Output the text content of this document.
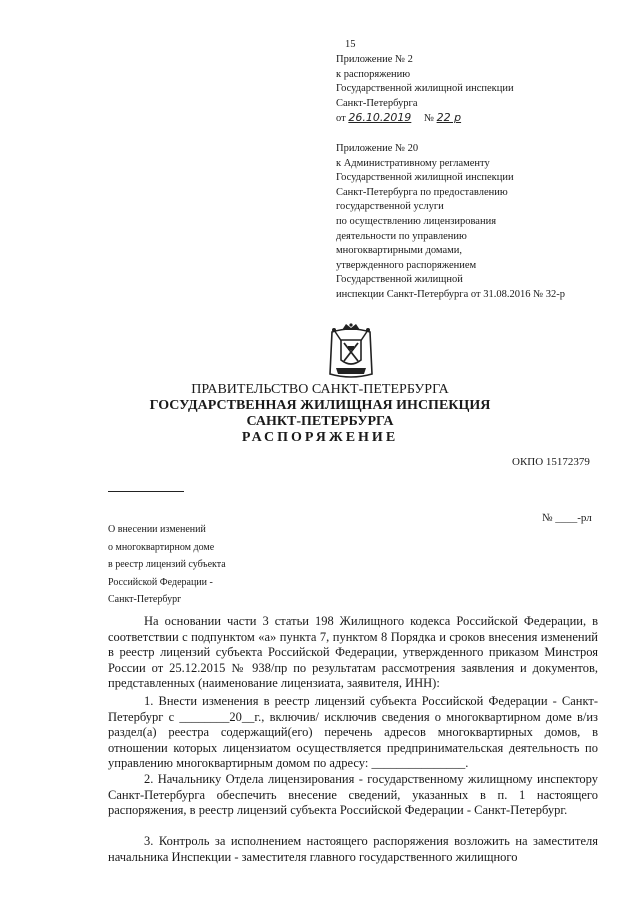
15
Приложение № 2
к распоряжению
Государственной жилищной инспекции
Санкт-Петербурга
от 26.10.2019 № 22 р
Приложение № 20
к Административному регламенту
Государственной жилищной инспекции
Санкт-Петербурга по предоставлению
государственной услуги
по осуществлению лицензирования
деятельности по управлению
многоквартирными домами,
утвержденного распоряжением
Государственной жилищной
инспекции Санкт-Петербурга от 31.08.2016 № 32-р
ПРАВИТЕЛЬСТВО САНКТ-ПЕТЕРБУРГА
ГОСУДАРСТВЕННАЯ ЖИЛИЩНАЯ ИНСПЕКЦИЯ
САНКТ-ПЕТЕРБУРГА
РАСПОРЯЖЕНИЕ
ОКПО 15172379
№ ____-рл
О внесении изменений
о многоквартирном доме
в реестр лицензий субъекта
Российской Федерации -
Санкт-Петербург

На основании части 3 статьи 198 Жилищного кодекса Российской Федерации, в соответствии с подпунктом «а» пункта 7, пунктом 8 Порядка и сроков внесения изменений в реестр лицензий субъекта Российской Федерации, утвержденного приказом Минстроя России от 25.12.2015 № 938/пр по результатам рассмотрения заявления и документов, представленных (наименование лицензиата, заявителя, ИНН):

1. Внести изменения в реестр лицензий субъекта Российской Федерации - Санкт-Петербург с ________20__г., включив/ исключив сведения о многоквартирном доме в/из раздел(а) реестра содержащий(его) перечень адресов многоквартирных домов, в отношении которых лицензиатом осуществляется предпринимательская деятельность по управлению многоквартирным домом по адресу: _______________.

2. Начальнику Отдела лицензирования - государственному жилищному инспектору Санкт-Петербурга обеспечить внесение сведений, указанных в п. 1 настоящего распоряжения, в реестр лицензий субъекта Российской Федерации - Санкт-Петербург.

3. Контроль за исполнением настоящего распоряжения возложить на заместителя начальника Инспекции - заместителя главного государственного жилищного
